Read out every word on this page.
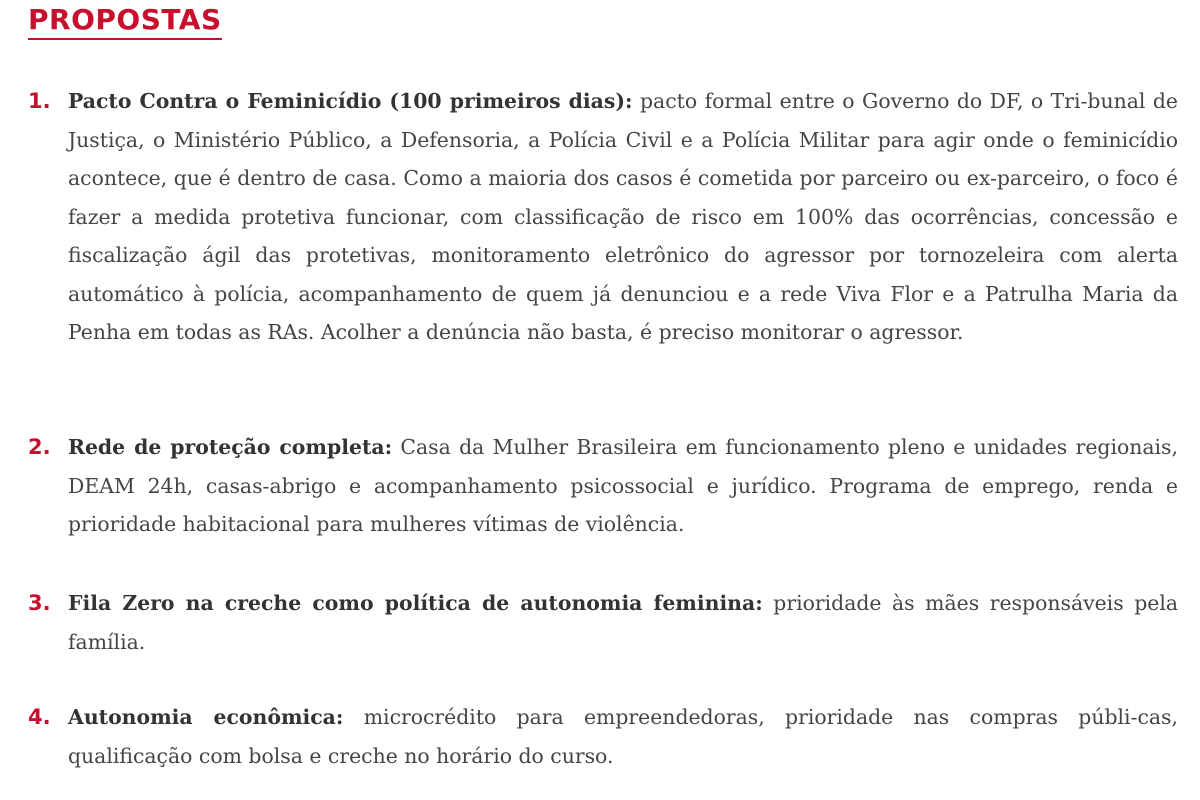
PROPOSTAS
1. Pacto Contra o Feminicídio (100 primeiros dias): pacto formal entre o Governo do DF, o Tri-bunal de Justiça, o Ministério Público, a Defensoria, a Polícia Civil e a Polícia Militar para agir onde o feminicídio acontece, que é dentro de casa. Como a maioria dos casos é cometida por parceiro ou ex-parceiro, o foco é fazer a medida protetiva funcionar, com classificação de risco em 100% das ocorrências, concessão e fiscalização ágil das protetivas, monitoramento eletrônico do agressor por tornozeleira com alerta automático à polícia, acompanhamento de quem já denunciou e a rede Viva Flor e a Patrulha Maria da Penha em todas as RAs. Acolher a denúncia não basta, é preciso monitorar o agressor.
2. Rede de proteção completa: Casa da Mulher Brasileira em funcionamento pleno e unidades regionais, DEAM 24h, casas-abrigo e acompanhamento psicossocial e jurídico. Programa de emprego, renda e prioridade habitacional para mulheres vítimas de violência.
3. Fila Zero na creche como política de autonomia feminina: prioridade às mães responsáveis pela família.
4. Autonomia econômica: microcrédito para empreendedoras, prioridade nas compras públi-cas, qualificação com bolsa e creche no horário do curso.
